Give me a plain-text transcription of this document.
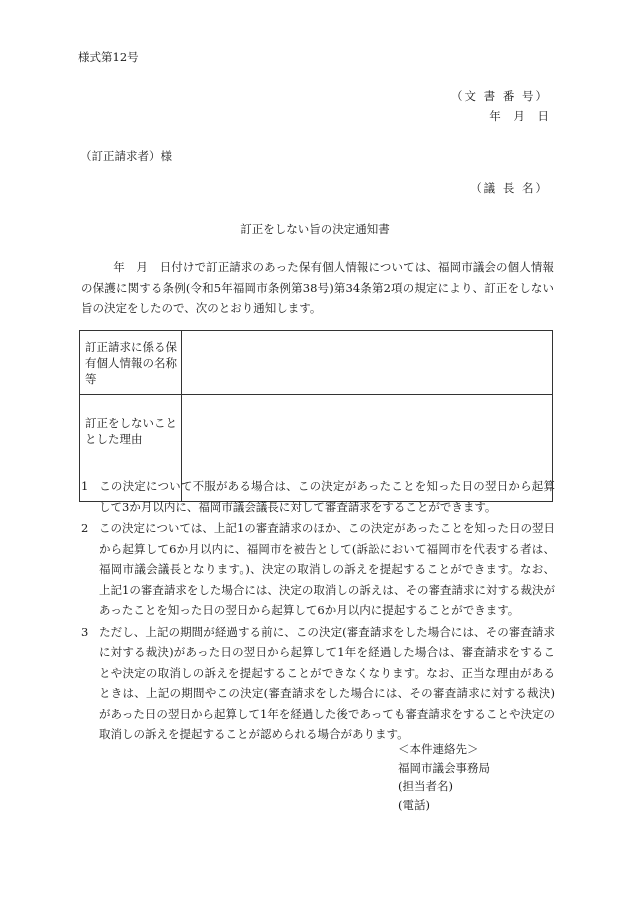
様式第12号
（文 書 番 号）
年 月 日
（訂正請求者）様
（議 長 名）
訂正をしない旨の決定通知書
年　月　日付けで訂正請求のあった保有個人情報については、福岡市議会の個人情報の保護に関する条例(令和5年福岡市条例第38号)第34条第2項の規定により、訂正をしない旨の決定をしたので、次のとおり通知します。
訂正請求に係る保有個人情報の名称等	
訂正をしないこととした理由	
1 この決定について不服がある場合は、この決定があったことを知った日の翌日から起算して3か月以内に、福岡市議会議長に対して審査請求をすることができます。
2 この決定については、上記1の審査請求のほか、この決定があったことを知った日の翌日から起算して6か月以内に、福岡市を被告として(訴訟において福岡市を代表する者は、福岡市議会議長となります。)、決定の取消しの訴えを提起することができます。なお、上記1の審査請求をした場合には、決定の取消しの訴えは、その審査請求に対する裁決があったことを知った日の翌日から起算して6か月以内に提起することができます。
3 ただし、上記の期間が経過する前に、この決定(審査請求をした場合には、その審査請求に対する裁決)があった日の翌日から起算して1年を経過した場合は、審査請求をすることや決定の取消しの訴えを提起することができなくなります。なお、正当な理由があるときは、上記の期間やこの決定(審査請求をした場合には、その審査請求に対する裁決)があった日の翌日から起算して1年を経過した後であっても審査請求をすることや決定の取消しの訴えを提起することが認められる場合があります。
＜本件連絡先＞
福岡市議会事務局
(担当者名)
(電話)
